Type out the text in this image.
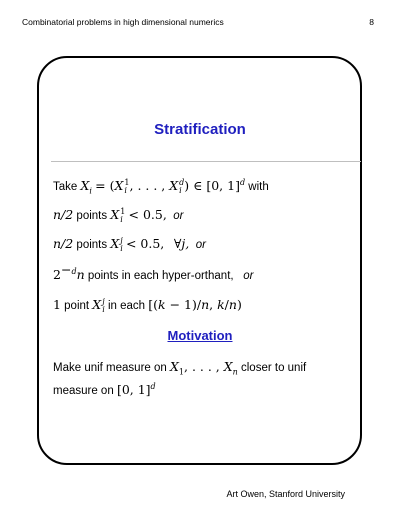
Combinatorial problems in high dimensional numerics	8
Stratification
Take $X_i = (X$ 1
i , . . . , X d
i ) ∈ [0, 1]$^d$ with
n/2 points X 1
i < 0.5, or
n/2 points X j
i < 0.5, ∀j, or
$2^{-d}n$ points in each hyper-orthant, or
1 point X j
i in each [(k − 1)/n, k/n)
Motivation
Make unif measure on $X_1$, . . . , $X_n$ closer to unif
measure on [0, 1]$^d$
Art Owen, Stanford University
